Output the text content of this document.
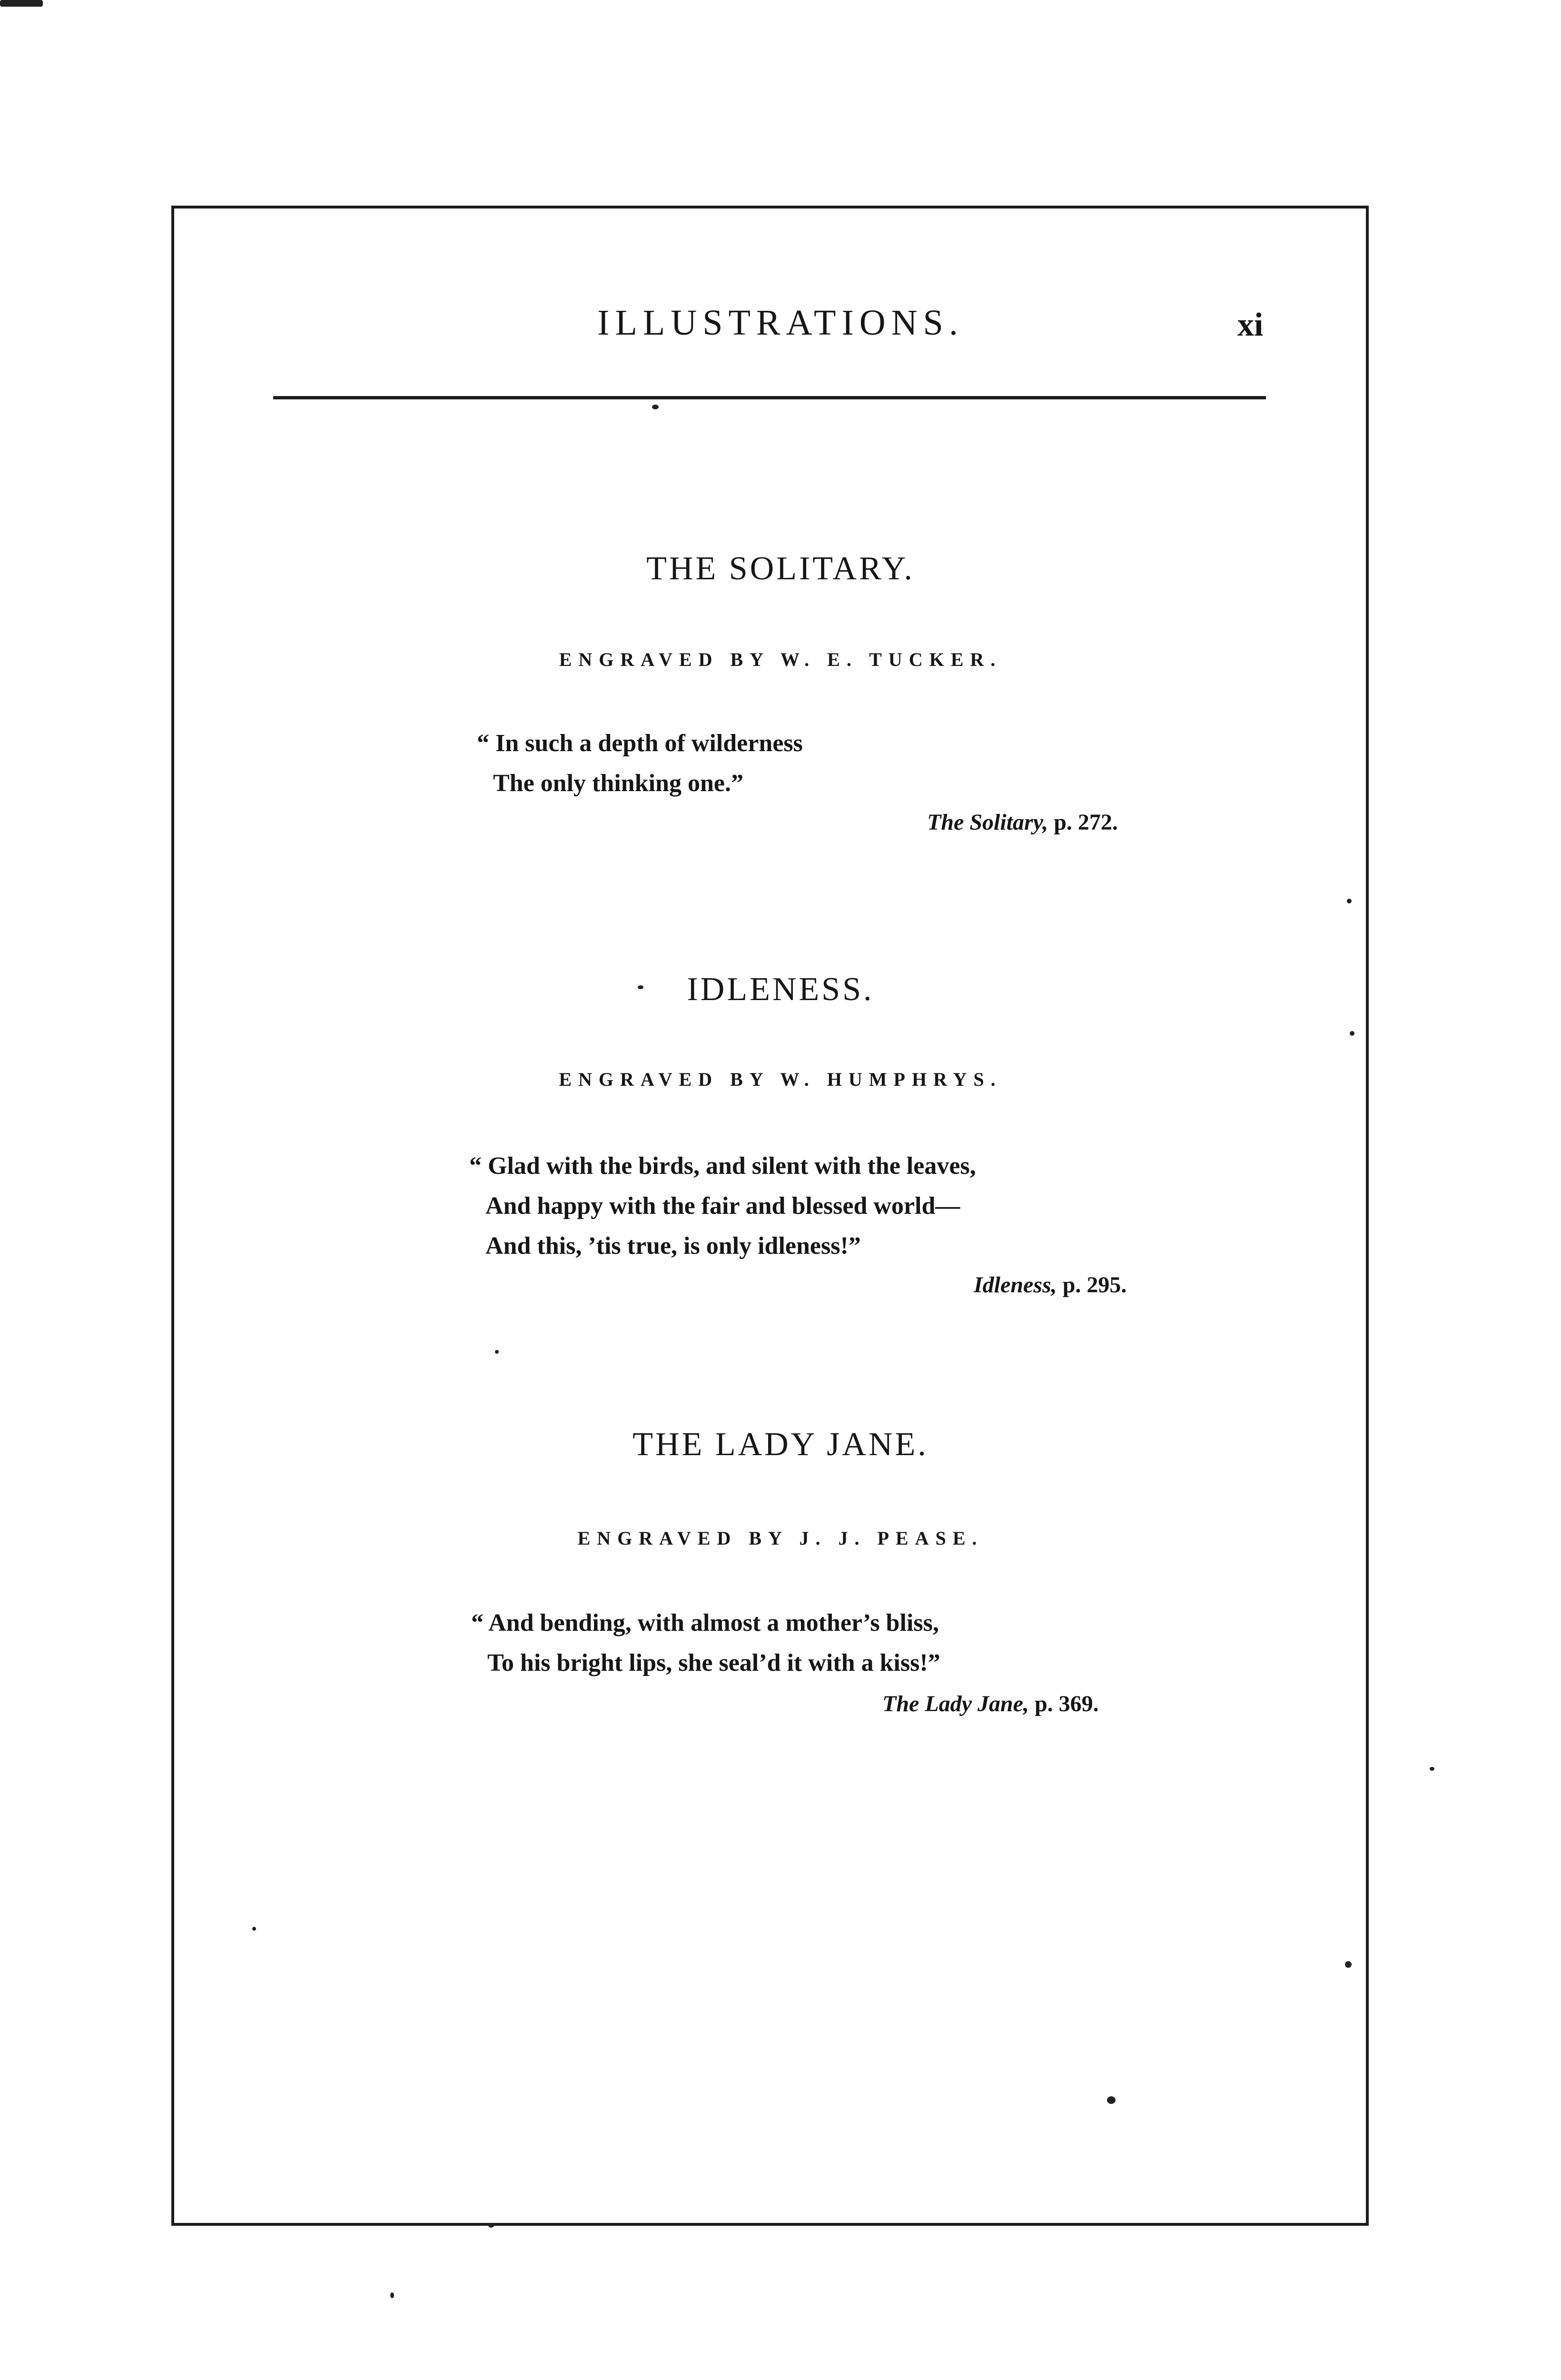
ILLUSTRATIONS.	xi
THE SOLITARY.
ENGRAVED BY W. E. TUCKER.
“ In such a depth of wilderness
The only thinking one.”
The Solitary, p. 272.
IDLENESS.
ENGRAVED BY W. HUMPHRYS.
“ Glad with the birds, and silent with the leaves,
And happy with the fair and blessed world—
And this, ’tis true, is only idleness!”
Idleness, p. 295.
THE LADY JANE.
ENGRAVED BY J. J. PEASE.
“ And bending, with almost a mother’s bliss,
To his bright lips, she seal’d it with a kiss!”
The Lady Jane, p. 369.
